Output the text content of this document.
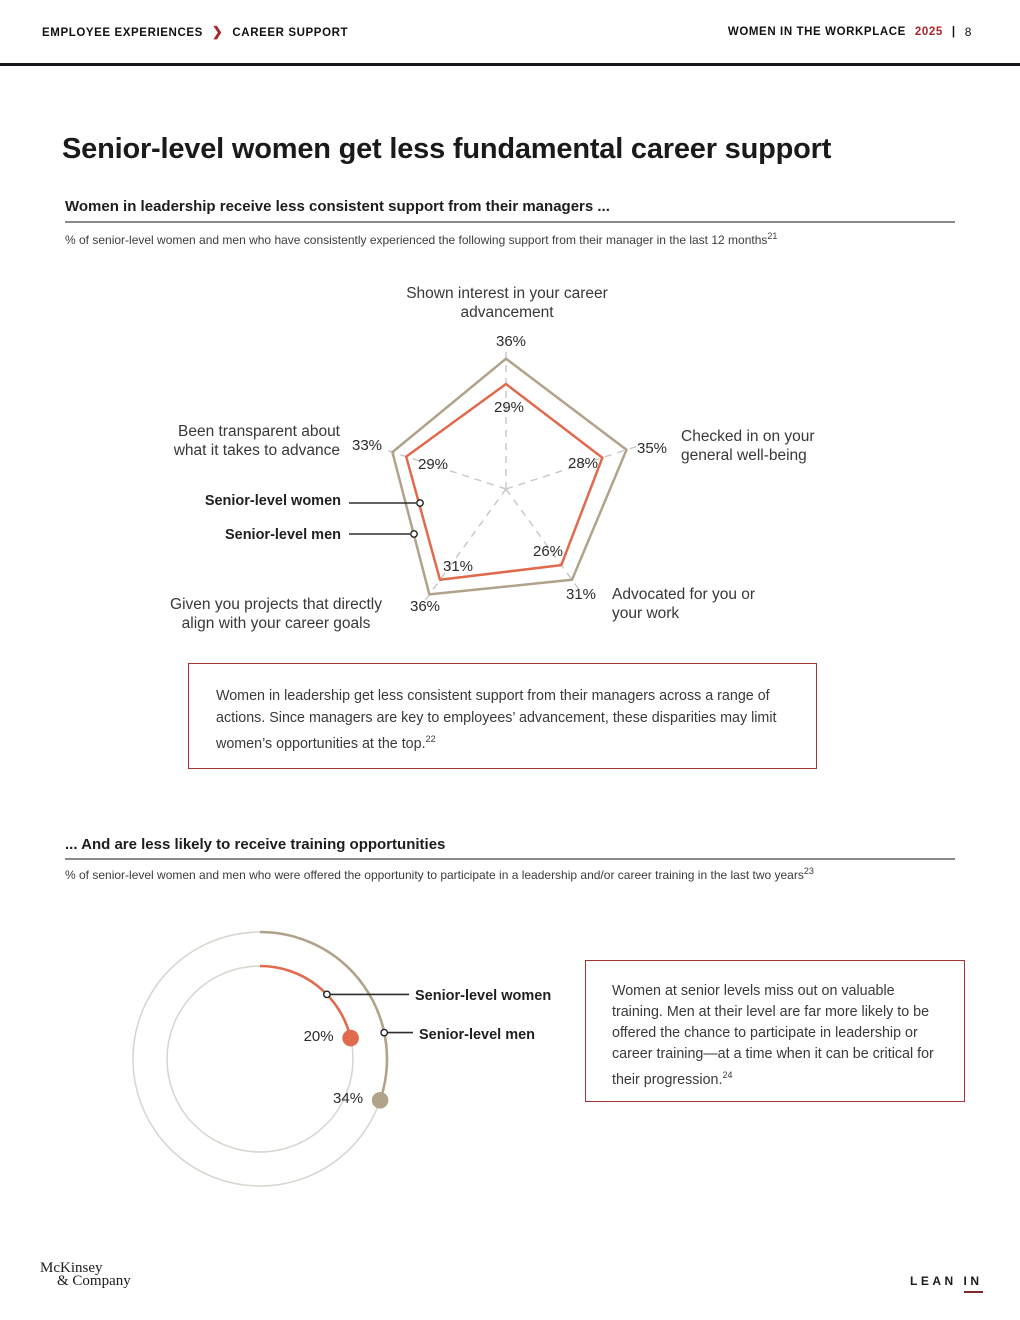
EMPLOYEE EXPERIENCES ❯ CAREER SUPPORT	WOMEN IN THE WORKPLACE 2025 | 8
Senior-level women get less fundamental career support
Women in leadership receive less consistent support from their managers ...
% of senior-level women and men who have consistently experienced the following support from their manager in the last 12 months$^{21}$
Shown interest in your career advancement
Checked in on your general well-being
Advocated for you or your work
Given you projects that directly align with your career goals
Been transparent about what it takes to advance
Senior-level women
Senior-level men
Women in leadership get less consistent support from their managers across a range of actions. Since managers are key to employees’ advancement, these disparities may limit women’s opportunities at the top.$^{22}$
... And are less likely to receive training opportunities
% of senior-level women and men who were offered the opportunity to participate in a leadership and/or career training in the last two years$^{23}$
Senior-level women
Senior-level men
Women at senior levels miss out on valuable training. Men at their level are far more likely to be offered the chance to participate in leadership or career training—at a time when it can be critical for their progression.$^{24}$
McKinsey
& Company	LEAN IN
36%
35%
31%
36%
33%
29%
28%
26%
31%
29%
20%
34%
